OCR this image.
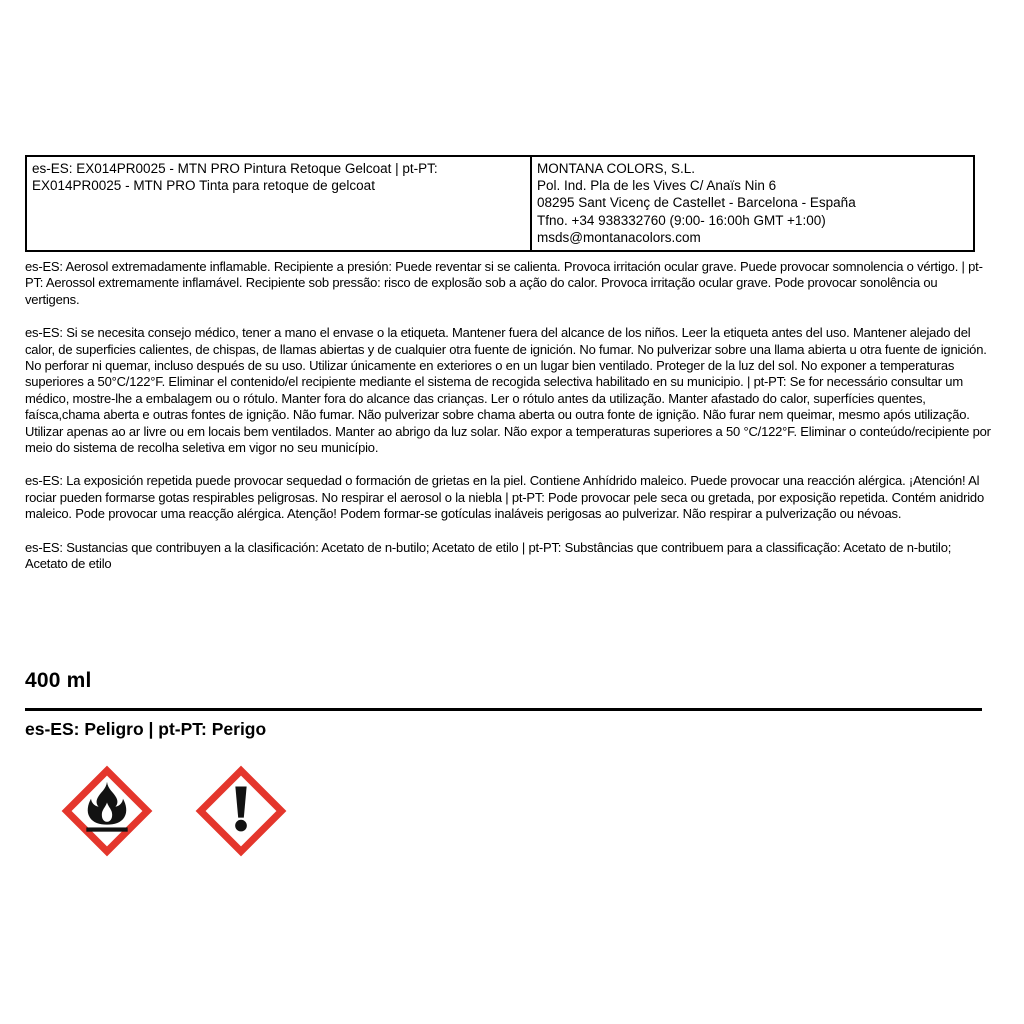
es-ES: EX014PR0025 - MTN PRO Pintura Retoque Gelcoat | pt-PT: EX014PR0025 - MTN PRO Tinta para retoque de gelcoat
MONTANA COLORS, S.L.
Pol. Ind. Pla de les Vives C/ Anaïs Nin 6
08295 Sant Vicenç de Castellet - Barcelona - España
Tfno. +34 938332760 (9:00- 16:00h GMT +1:00)
msds@montanacolors.com

es-ES: Aerosol extremadamente inflamable. Recipiente a presión: Puede reventar si se calienta. Provoca irritación ocular grave. Puede provocar somnolencia o vértigo. | pt-PT: Aerossol extremamente inflamável. Recipiente sob pressão: risco de explosão sob a ação do calor. Provoca irritação ocular grave. Pode provocar sonolência ou vertigens.

es-ES: Si se necesita consejo médico, tener a mano el envase o la etiqueta. Mantener fuera del alcance de los niños. Leer la etiqueta antes del uso. Mantener alejado del calor, de superficies calientes, de chispas, de llamas abiertas y de cualquier otra fuente de ignición. No fumar. No pulverizar sobre una llama abierta u otra fuente de ignición. No perforar ni quemar, incluso después de su uso. Utilizar únicamente en exteriores o en un lugar bien ventilado. Proteger de la luz del sol. No exponer a temperaturas superiores a 50°C/122°F. Eliminar el contenido/el recipiente mediante el sistema de recogida selectiva habilitado en su municipio. | pt-PT: Se for necessário consultar um médico, mostre-lhe a embalagem ou o rótulo. Manter fora do alcance das crianças. Ler o rótulo antes da utilização. Manter afastado do calor, superfícies quentes, faísca,chama aberta e outras fontes de ignição. Não fumar. Não pulverizar sobre chama aberta ou outra fonte de ignição. Não furar nem queimar, mesmo após utilização. Utilizar apenas ao ar livre ou em locais bem ventilados. Manter ao abrigo da luz solar. Não expor a temperaturas superiores a 50 °C/122°F. Eliminar o conteúdo/recipiente por meio do sistema de recolha seletiva em vigor no seu município.

es-ES: La exposición repetida puede provocar sequedad o formación de grietas en la piel. Contiene Anhídrido maleico. Puede provocar una reacción alérgica. ¡Atención! Al rociar pueden formarse gotas respirables peligrosas. No respirar el aerosol o la niebla | pt-PT: Pode provocar pele seca ou gretada, por exposição repetida. Contém anidrido maleico. Pode provocar uma reacção alérgica. Atenção! Podem formar-se gotículas inaláveis perigosas ao pulverizar. Não respirar a pulverização ou névoas.

es-ES: Sustancias que contribuyen a la clasificación: Acetato de n-butilo; Acetato de etilo | pt-PT: Substâncias que contribuem para a classificação: Acetato de n-butilo; Acetato de etilo

400 ml
es-ES: Peligro | pt-PT: Perigo
